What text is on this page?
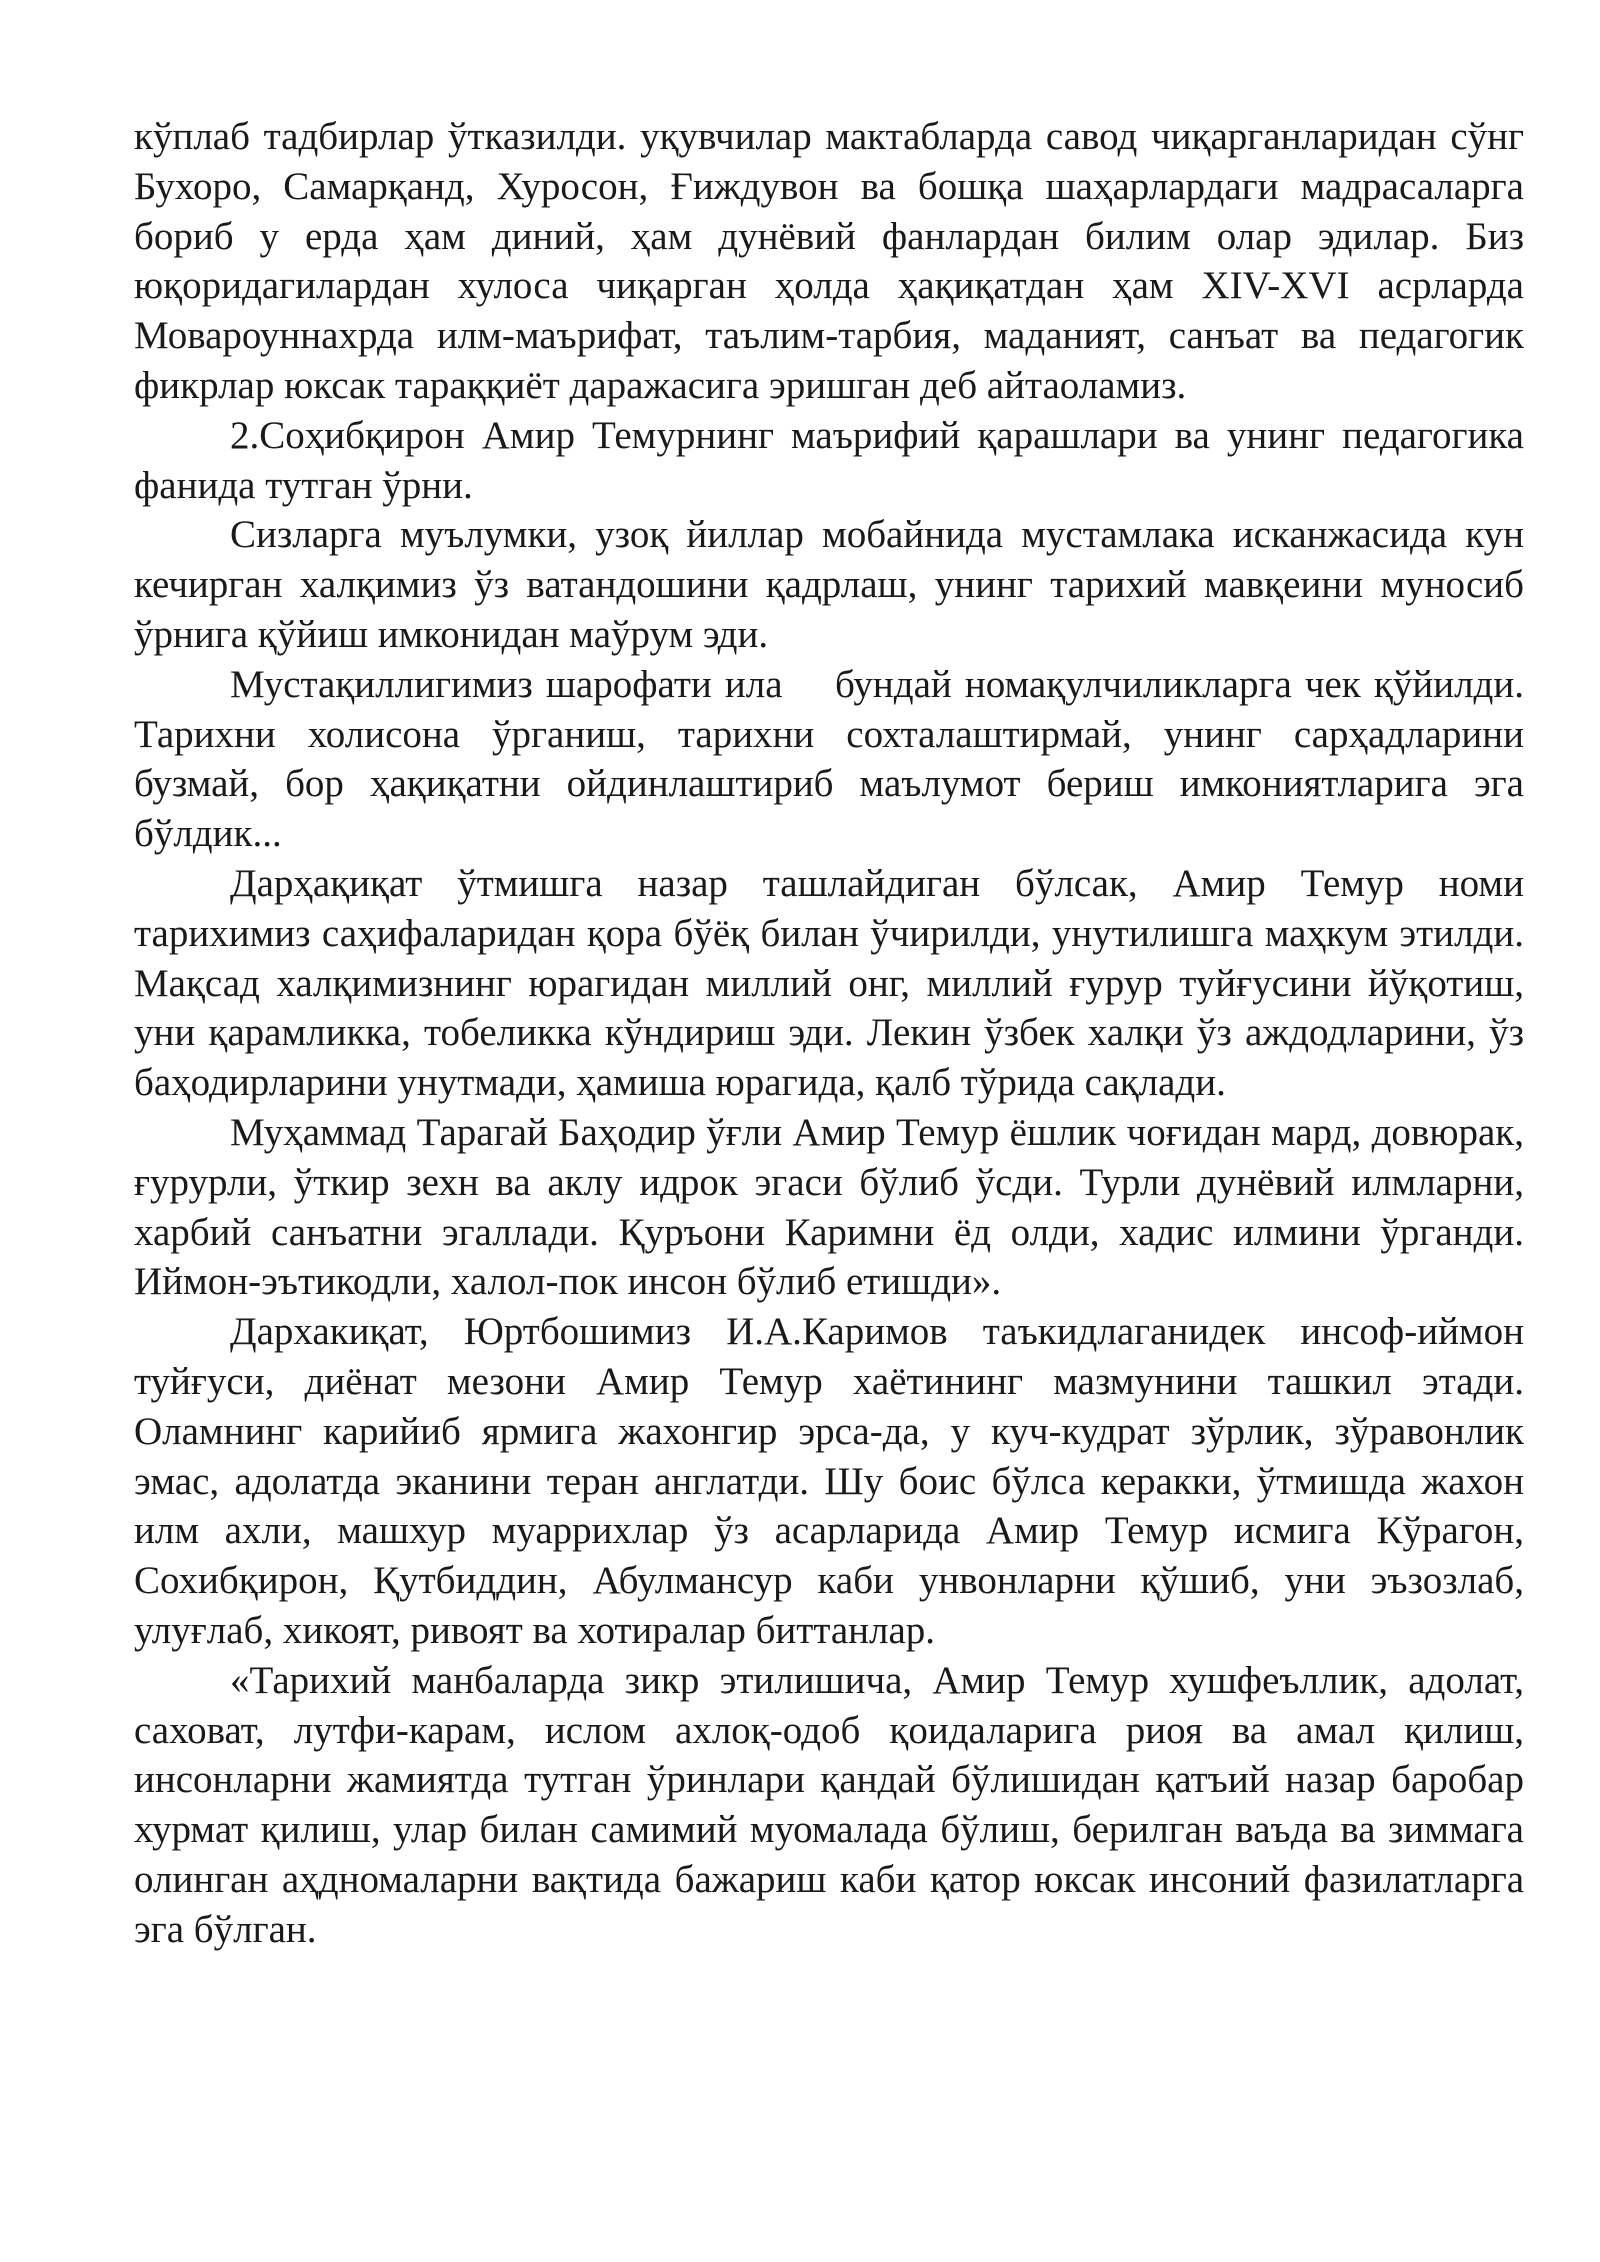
кўплаб тадбирлар ўтказилди. уқувчилар мактабларда савод чиқарганларидан сўнг Бухоро, Самарқанд, Хуросон, Ғиждувон ва бошқа шаҳарлардаги мадрасаларга бориб у ерда ҳам диний, ҳам дунёвий фанлардан билим олар эдилар. Биз юқоридагилардан хулоса чиқарган ҳолда ҳақиқатдан ҳам XIV-XVI асрларда Мовароуннахрда илм-маърифат, таълим-тарбия, маданият, санъат ва педагогик фикрлар юксак тараққиёт даражасига эришган деб айтаоламиз.

2.Соҳибқирон Амир Темурнинг маърифий қарашлари ва унинг педагогика фанида тутган ўрни.

Сизларга муълумки, узоқ йиллар мобайнида мустамлака исканжасида кун кечирган халқимиз ўз ватандошини қадрлаш, унинг тарихий мавқеини муносиб ўрнига қўйиш имконидан маўрум эди.

Мустақиллигимиз шарофати ила    бундай номақулчиликларга чек қўйилди. Тарихни холисона ўрганиш, тарихни сохталаштирмай, унинг сарҳадларини бузмай, бор ҳақиқатни ойдинлаштириб маълумот бериш имкониятларига эга бўлдик...

Дарҳақиқат ўтмишга назар ташлайдиган бўлсак, Амир Темур номи тарихимиз саҳифаларидан қора бўёқ билан ўчирилди, унутилишга маҳкум этилди. Мақсад халқимизнинг юрагидан миллий онг, миллий ғурур туйғусини йўқотиш, уни қарамликка, тобеликка кўндириш эди. Лекин ўзбек халқи ўз аждодларини, ўз баҳодирларини унутмади, ҳамиша юрагида, қалб тўрида сақлади.

Муҳаммад Тарагай Баҳодир ўғли Амир Темур ёшлик чоғидан мард, довюрак, ғурурли, ўткир зехн ва аклу идрок эгаси бўлиб ўсди. Турли дунёвий илмларни, харбий санъатни эгаллади. Қуръони Каримни ёд олди, хадис илмини ўрганди. Иймон-эътикодли, халол-пок инсон бўлиб етишди».

Дархакиқат, Юртбошимиз И.А.Каримов таъкидлаганидек инсоф-иймон туйғуси, диёнат мезони Амир Темур хаётининг мазмунини ташкил этади. Оламнинг карийиб ярмига жахонгир эрса-да, у куч-кудрат зўрлик, зўравонлик эмас, адолатда эканини теран англатди. Шу боис бўлса керакки, ўтмишда жахон илм ахли, машхур муаррихлар ўз асарларида Амир Темур исмига Кўрагон, Сохибқирон, Қутбиддин, Абулмансур каби унвонларни қўшиб, уни эъзозлаб, улуғлаб, хикоят, ривоят ва хотиралар биттанлар.

«Тарихий манбаларда зикр этилишича, Амир Темур хушфеъллик, адолат, саховат, лутфи-карам, ислом ахлоқ-одоб қоидаларига риоя ва амал қилиш, инсонларни жамиятда тутган ўринлари қандай бўлишидан қатъий назар баробар хурмат қилиш, улар билан самимий муомалада бўлиш, берилган ваъда ва зиммага олинган аҳдномаларни вақтида бажариш каби қатор юксак инсоний фазилатларга эга бўлган.
